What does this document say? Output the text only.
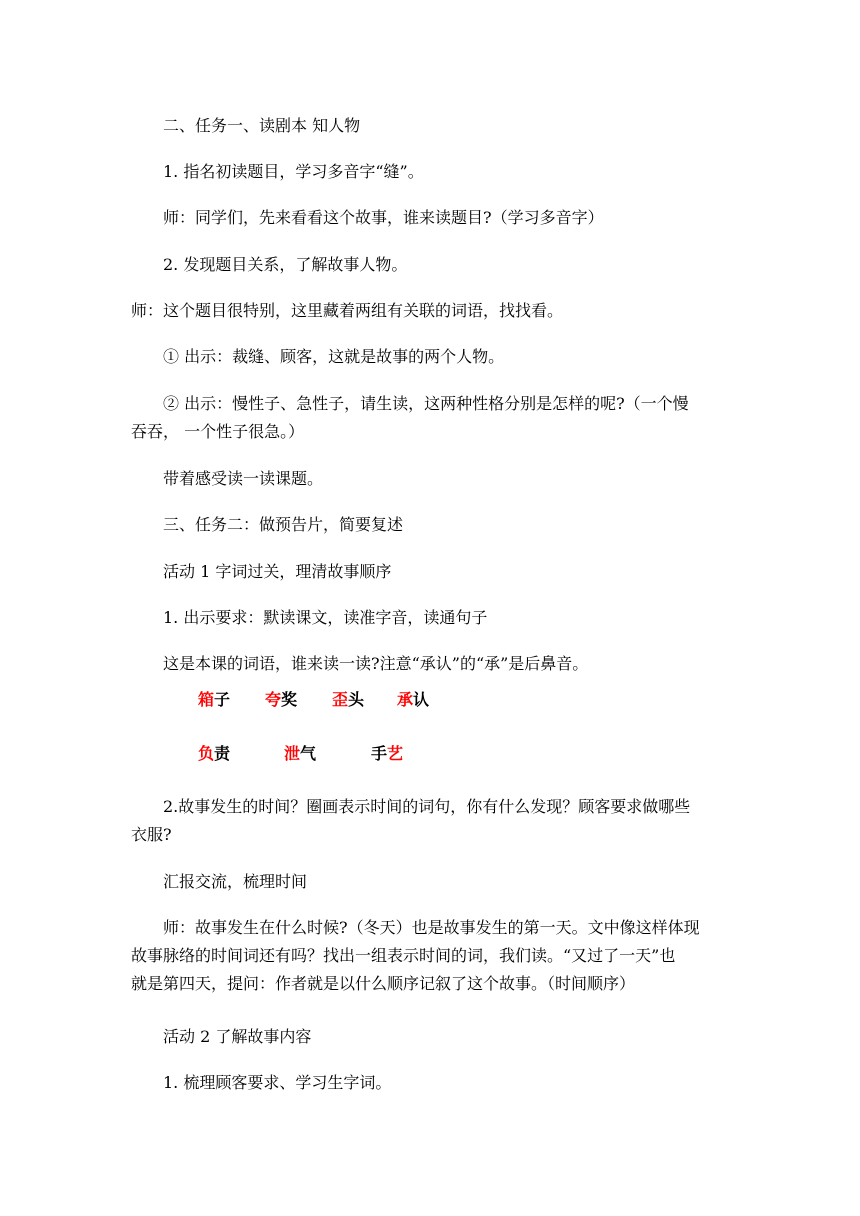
二、任务一、读剧本 知人物
1. 指名初读题目，学习多音字“缝”。
师：同学们，先来看看这个故事，谁来读题目?（学习多音字）
2. 发现题目关系，了解故事人物。
师：这个题目很特别，这里藏着两组有关联的词语，找找看。
① 出示：裁缝、顾客，这就是故事的两个人物。
② 出示：慢性子、急性子，请生读，这两种性格分别是怎样的呢?（一个慢
吞吞， 一个性子很急。）
带着感受读一读课题。
三、任务二：做预告片，简要复述
活动 1 字词过关，理清故事顺序
1. 出示要求：默读课文，读准字音，读通句子
这是本课的词语，谁来读一读?注意“承认”的“承”是后鼻音。
箱子 夸奖 歪头 承认
负责	泄气	手艺
2.故事发生的时间？圈画表示时间的词句，你有什么发现？顾客要求做哪些
衣服?
汇报交流，梳理时间
师：故事发生在什么时候?（冬天）也是故事发生的第一天。文中像这样体现
故事脉络的时间词还有吗？找出一组表示时间的词，我们读。“又过了一天”也
就是第四天，提问：作者就是以什么顺序记叙了这个故事。（时间顺序）
活动 2 了解故事内容
1. 梳理顾客要求、学习生字词。
